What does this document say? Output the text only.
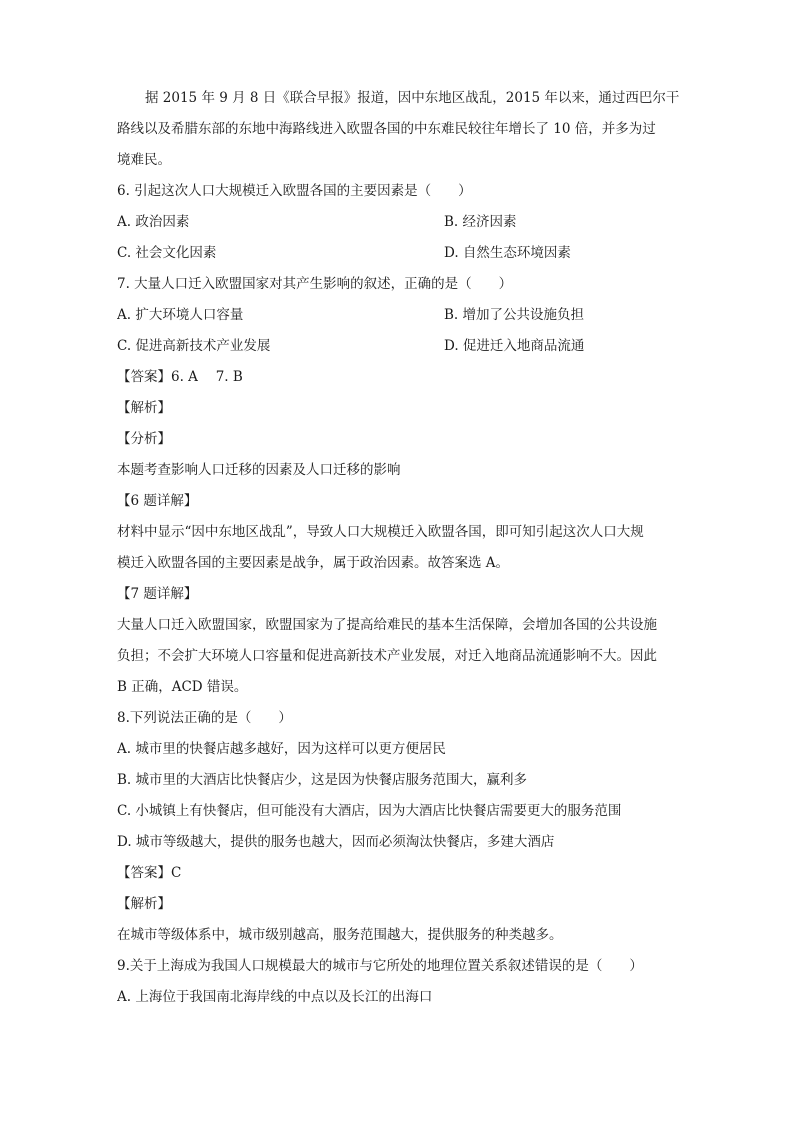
据 2015 年 9 月 8 日《联合早报》报道，因中东地区战乱，2015 年以来，通过西巴尔干
路线以及希腊东部的东地中海路线进入欧盟各国的中东难民较往年增长了 10 倍，并多为过
境难民。
6. 引起这次人口大规模迁入欧盟各国的主要因素是（　　）
A. 政治因素	B. 经济因素
C. 社会文化因素	D. 自然生态环境因素
7. 大量人口迁入欧盟国家对其产生影响的叙述，正确的是（　　）
A. 扩大环境人口容量	B. 增加了公共设施负担
C. 促进高新技术产业发展	D. 促进迁入地商品流通
【答案】6. A　 7. B
【解析】
【分析】
本题考查影响人口迁移的因素及人口迁移的影响
【6 题详解】
材料中显示“因中东地区战乱”，导致人口大规模迁入欧盟各国，即可知引起这次人口大规
模迁入欧盟各国的主要因素是战争，属于政治因素。故答案选 A。
【7 题详解】
大量人口迁入欧盟国家，欧盟国家为了提高给难民的基本生活保障，会增加各国的公共设施
负担；不会扩大环境人口容量和促进高新技术产业发展，对迁入地商品流通影响不大。因此
B 正确，ACD 错误。
8.下列说法正确的是（　　）
A. 城市里的快餐店越多越好，因为这样可以更方便居民
B. 城市里的大酒店比快餐店少，这是因为快餐店服务范围大，赢利多
C. 小城镇上有快餐店，但可能没有大酒店，因为大酒店比快餐店需要更大的服务范围
D. 城市等级越大，提供的服务也越大，因而必须淘汰快餐店，多建大酒店
【答案】C
【解析】
在城市等级体系中，城市级别越高，服务范围越大，提供服务的种类越多。
9.关于上海成为我国人口规模最大的城市与它所处的地理位置关系叙述错误的是（　　）
A. 上海位于我国南北海岸线的中点以及长江的出海口
